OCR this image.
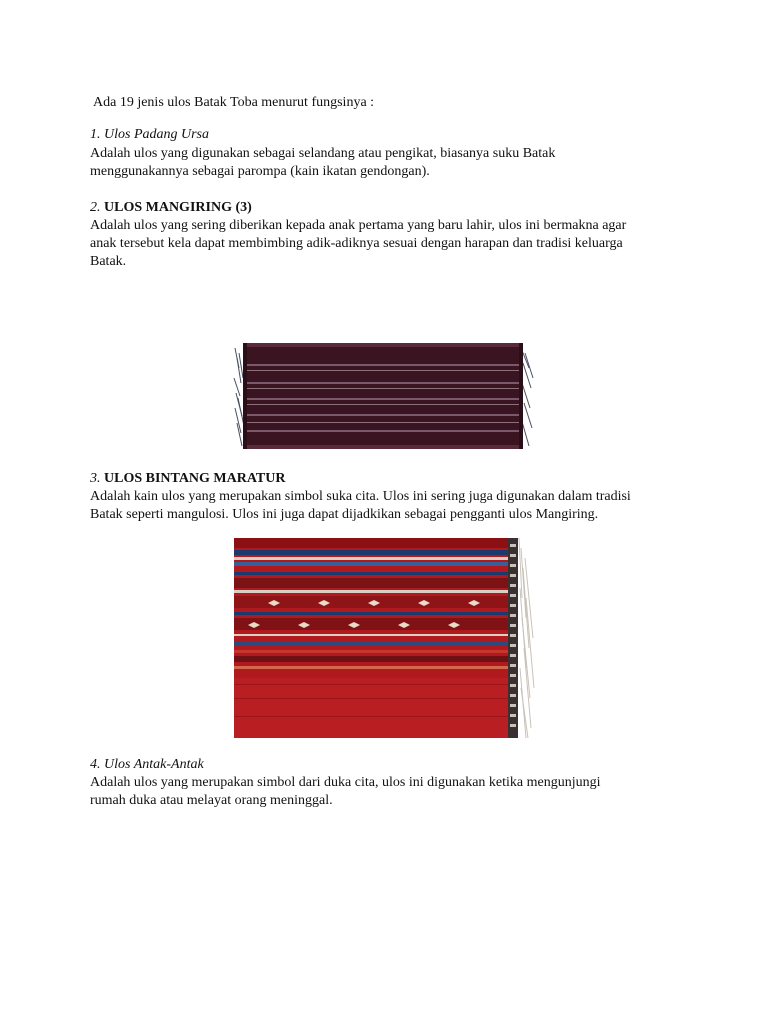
Ada 19 jenis ulos Batak Toba menurut fungsinya :
1. Ulos Padang Ursa
Adalah ulos yang digunakan sebagai selandang atau pengikat, biasanya suku Batak
menggunakannya sebagai parompa (kain ikatan gendongan).
2. ULOS MANGIRING (3)
Adalah ulos yang sering diberikan kepada anak pertama yang baru lahir, ulos ini bermakna agar
anak tersebut kela dapat membimbing adik-adiknya sesuai dengan harapan dan tradisi keluarga
Batak.
3. ULOS BINTANG MARATUR
Adalah kain ulos yang merupakan simbol suka cita. Ulos ini sering juga digunakan dalam tradisi
Batak seperti mangulosi. Ulos ini juga dapat dijadkikan sebagai pengganti ulos Mangiring.
4. Ulos Antak-Antak
Adalah ulos yang merupakan simbol dari duka cita, ulos ini digunakan ketika mengunjungi
rumah duka atau melayat orang meninggal.
